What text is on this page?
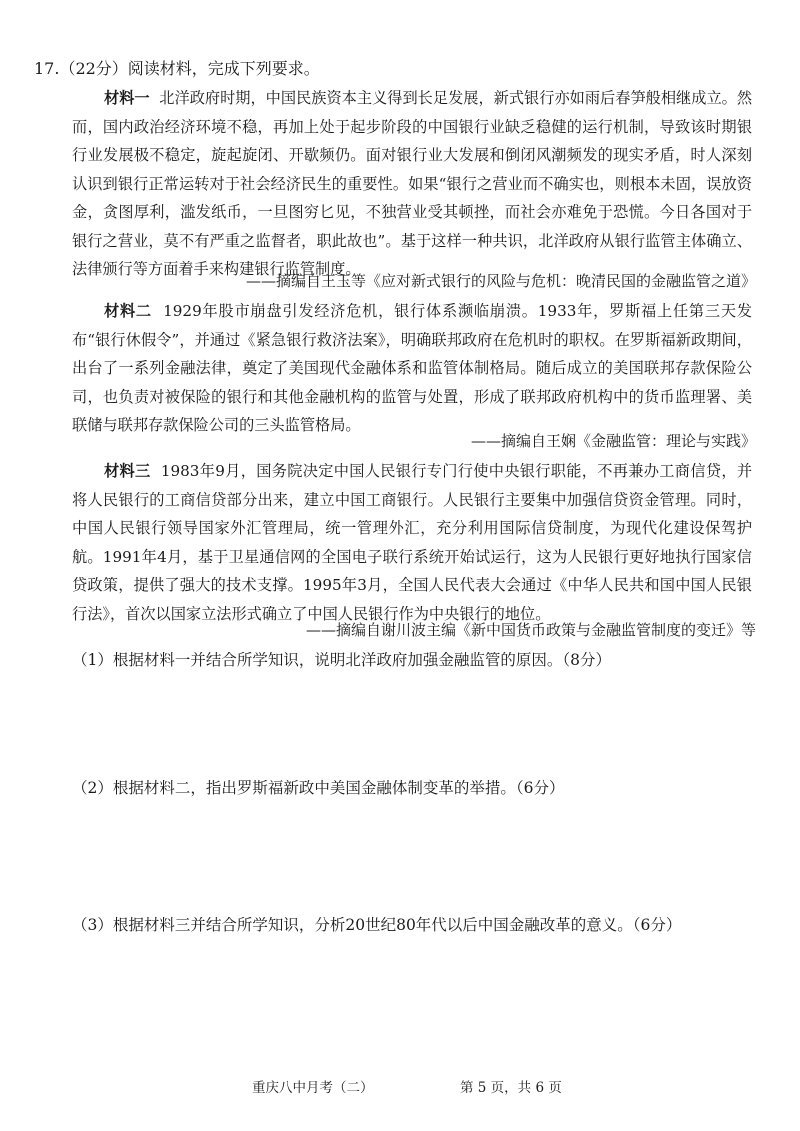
17.（22分）阅读材料，完成下列要求。
材料一 北洋政府时期，中国民族资本主义得到长足发展，新式银行亦如雨后春笋般相继成立。然而，国内政治经济环境不稳，再加上处于起步阶段的中国银行业缺乏稳健的运行机制，导致该时期银行业发展极不稳定，旋起旋闭、开歇频仍。面对银行业大发展和倒闭风潮频发的现实矛盾，时人深刻认识到银行正常运转对于社会经济民生的重要性。如果“银行之营业而不确实也，则根本未固，误放资金，贪图厚利，滥发纸币，一旦图穷匕见，不独营业受其顿挫，而社会亦难免于恐慌。今日各国对于银行之营业，莫不有严重之监督者，职此故也”。基于这样一种共识，北洋政府从银行监管主体确立、法律颁行等方面着手来构建银行监管制度。
——摘编自王玉等《应对新式银行的风险与危机：晚清民国的金融监管之道》
材料二 1929年股市崩盘引发经济危机，银行体系濒临崩溃。1933年，罗斯福上任第三天发布“银行休假令”，并通过《紧急银行救济法案》，明确联邦政府在危机时的职权。在罗斯福新政期间，出台了一系列金融法律，奠定了美国现代金融体系和监管体制格局。随后成立的美国联邦存款保险公司，也负责对被保险的银行和其他金融机构的监管与处置，形成了联邦政府机构中的货币监理署、美联储与联邦存款保险公司的三头监管格局。
——摘编自王娴《金融监管：理论与实践》
材料三 1983年9月，国务院决定中国人民银行专门行使中央银行职能，不再兼办工商信贷，并将人民银行的工商信贷部分出来，建立中国工商银行。人民银行主要集中加强信贷资金管理。同时，中国人民银行领导国家外汇管理局，统一管理外汇，充分利用国际信贷制度，为现代化建设保驾护航。1991年4月，基于卫星通信网的全国电子联行系统开始试运行，这为人民银行更好地执行国家信贷政策，提供了强大的技术支撑。1995年3月，全国人民代表大会通过《中华人民共和国中国人民银行法》，首次以国家立法形式确立了中国人民银行作为中央银行的地位。
——摘编自谢川波主编《新中国货币政策与金融监管制度的变迁》等
（1）根据材料一并结合所学知识，说明北洋政府加强金融监管的原因。（8分）
（2）根据材料二，指出罗斯福新政中美国金融体制变革的举措。（6分）
（3）根据材料三并结合所学知识，分析20世纪80年代以后中国金融改革的意义。（6分）
重庆八中月考（二）	第 5 页，共 6 页
